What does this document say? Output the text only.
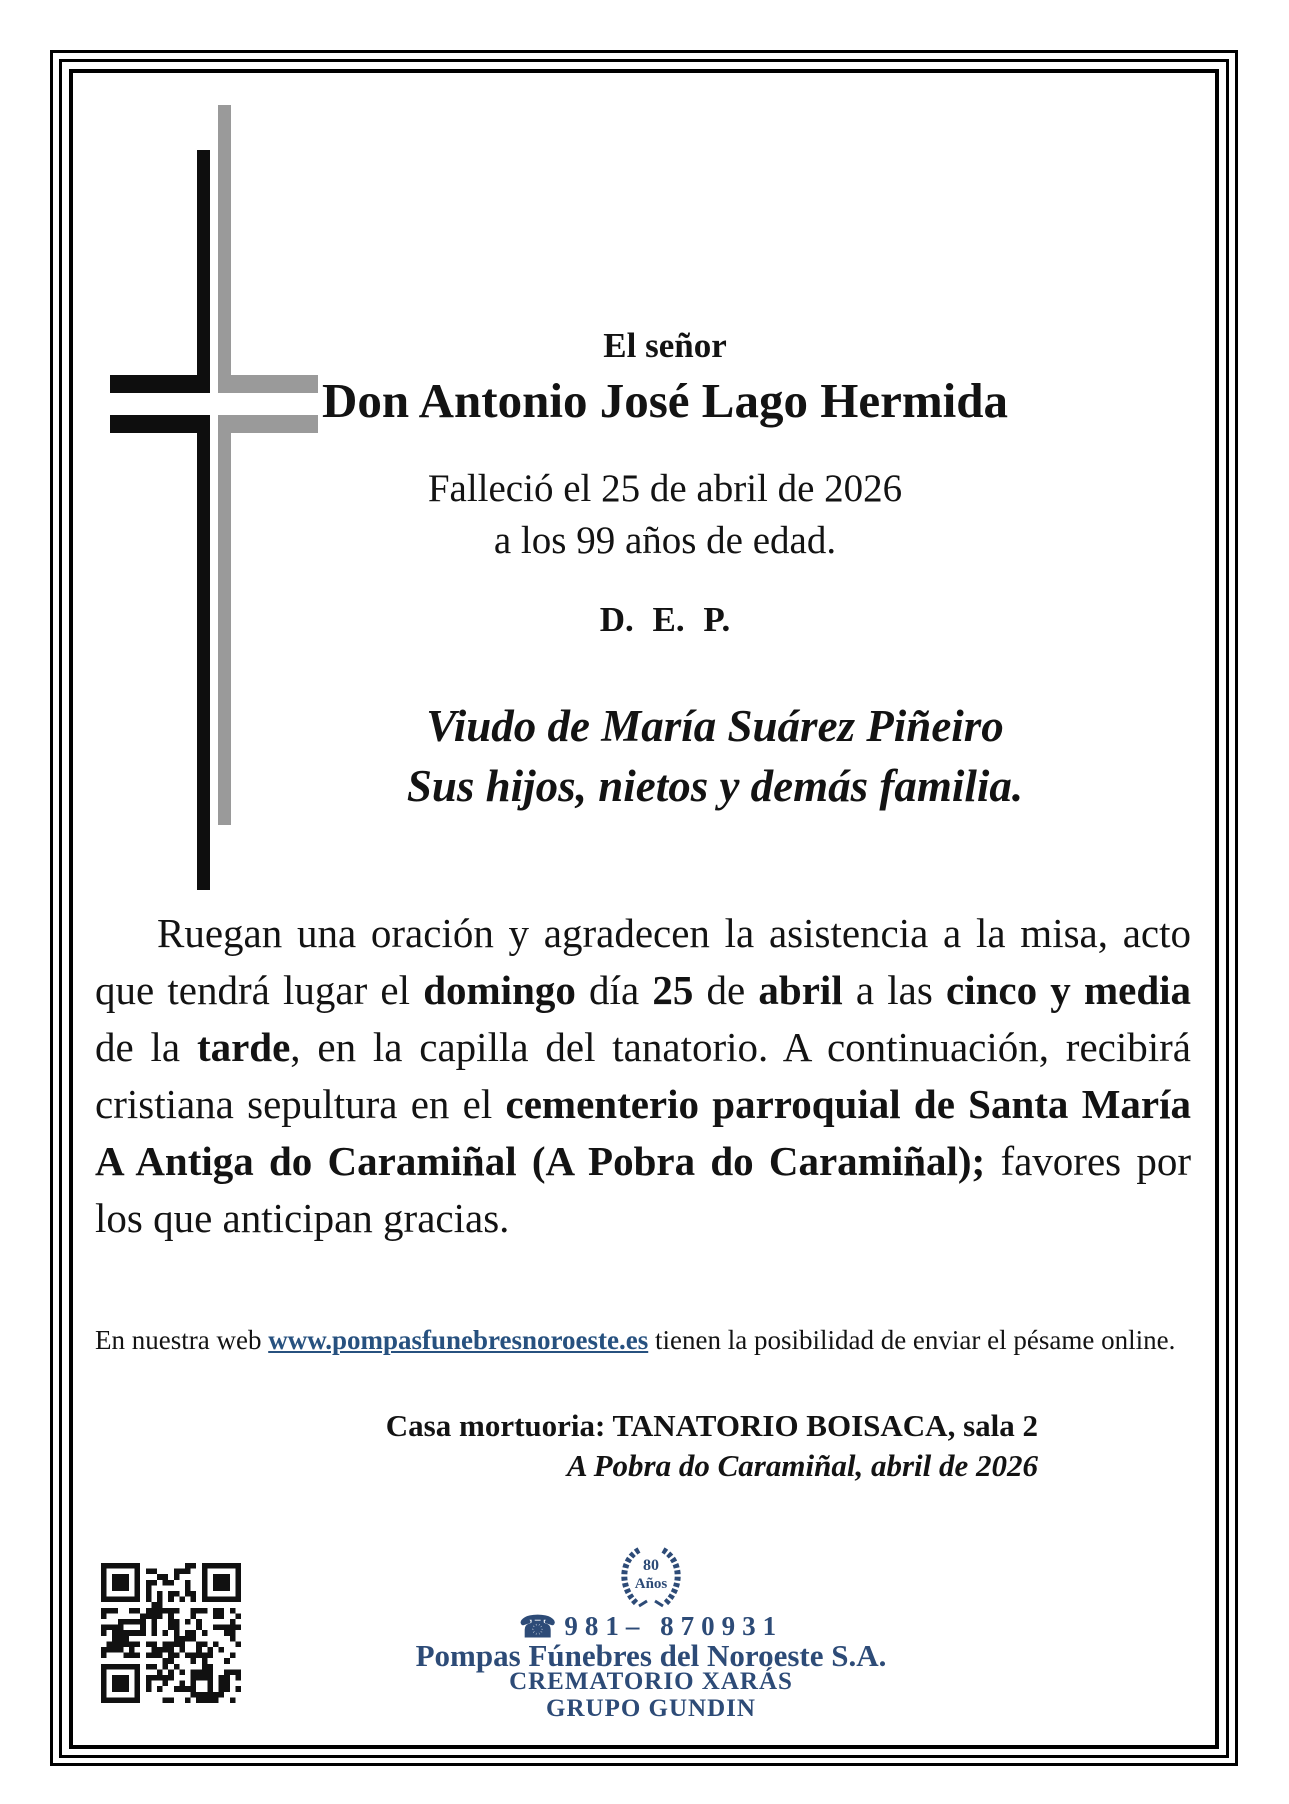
El señor
Don Antonio José Lago Hermida
Falleció el 25 de abril de 2026
a los 99 años de edad.
D. E. P.
Viudo de María Suárez Piñeiro
Sus hijos, nietos y demás familia.
Ruegan una oración y agradecen la asistencia a la misa, acto que tendrá lugar el domingo día 25 de abril a las cinco y media de la tarde, en la capilla del tanatorio. A continuación, recibirá cristiana sepultura en el cementerio parroquial de Santa María A Antiga do Caramiñal (A Pobra do Caramiñal); favores por los que anticipan gracias.
En nuestra web www.pompasfunebresnoroeste.es tienen la posibilidad de enviar el pésame online.
Casa mortuoria: TANATORIO BOISACA, sala 2
A Pobra do Caramiñal, abril de 2026
80
Años
☎ 981– 870931
Pompas Fúnebres del Noroeste S.A.
CREMATORIO XARÁS
GRUPO GUNDIN
